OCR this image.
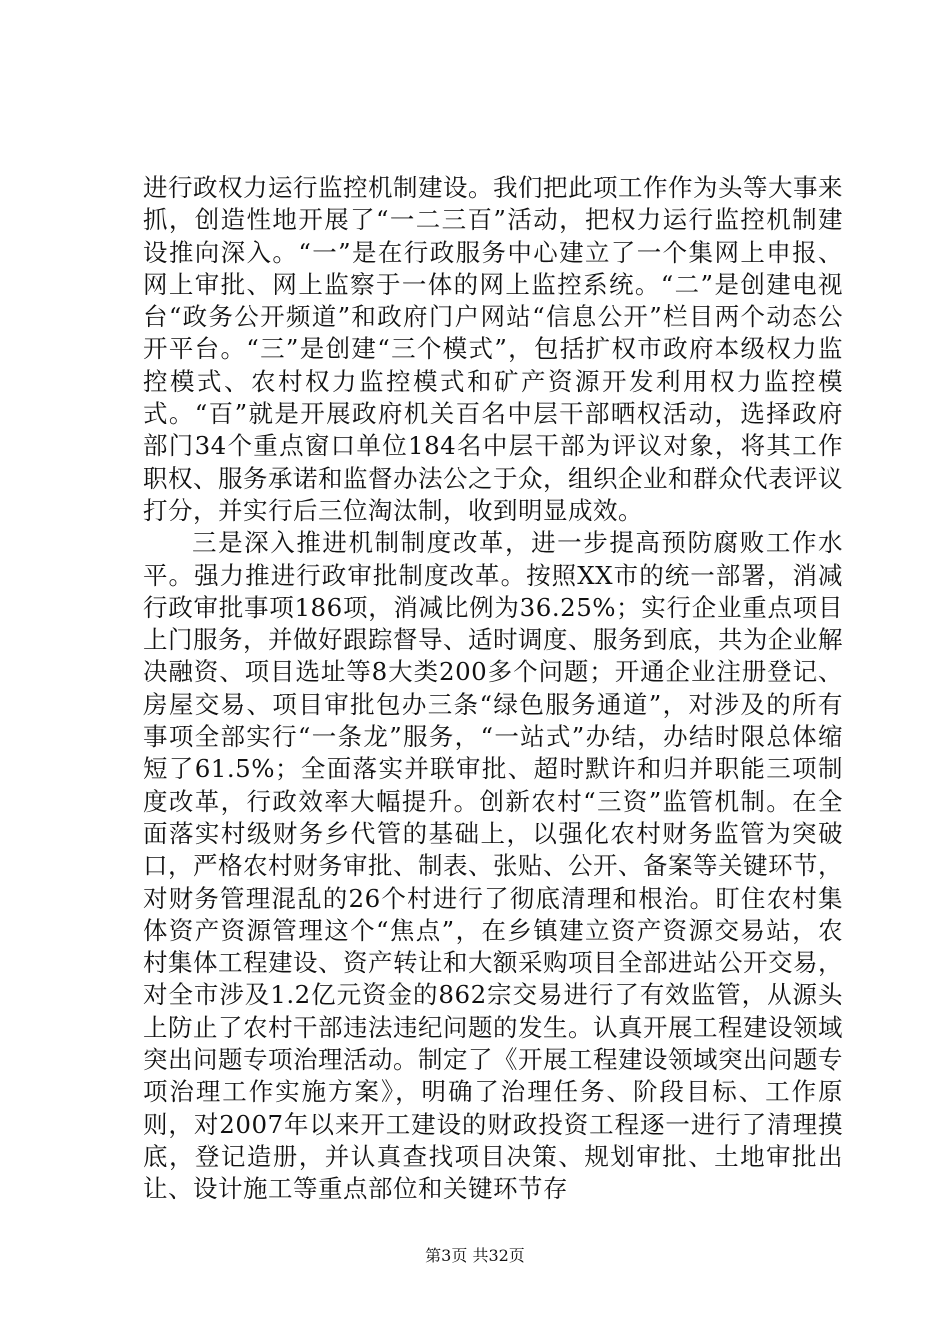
进行政权力运行监控机制建设。我们把此项工作作为头等大事来抓，创造性地开展了“一二三百”活动，把权力运行监控机制建设推向深入。“一”是在行政服务中心建立了一个集网上申报、网上审批、网上监察于一体的网上监控系统。“二”是创建电视台“政务公开频道”和政府门户网站“信息公开”栏目两个动态公开平台。“三”是创建“三个模式”，包括扩权市政府本级权力监控模式、农村权力监控模式和矿产资源开发利用权力监控模式。“百”就是开展政府机关百名中层干部晒权活动，选择政府部门34个重点窗口单位184名中层干部为评议对象，将其工作职权、服务承诺和监督办法公之于众，组织企业和群众代表评议打分，并实行后三位淘汰制，收到明显成效。

三是深入推进机制制度改革，进一步提高预防腐败工作水平。强力推进行政审批制度改革。按照XX市的统一部署，消减行政审批事项186项，消减比例为36.25%；实行企业重点项目上门服务，并做好跟踪督导、适时调度、服务到底，共为企业解决融资、项目选址等8大类200多个问题；开通企业注册登记、房屋交易、项目审批包办三条“绿色服务通道”，对涉及的所有事项全部实行“一条龙”服务，“一站式”办结，办结时限总体缩短了61.5%；全面落实并联审批、超时默许和归并职能三项制度改革，行政效率大幅提升。创新农村“三资”监管机制。在全面落实村级财务乡代管的基础上，以强化农村财务监管为突破口，严格农村财务审批、制表、张贴、公开、备案等关键环节，对财务管理混乱的26个村进行了彻底清理和根治。盯住农村集体资产资源管理这个“焦点”，在乡镇建立资产资源交易站，农村集体工程建设、资产转让和大额采购项目全部进站公开交易，对全市涉及1.2亿元资金的862宗交易进行了有效监管，从源头上防止了农村干部违法违纪问题的发生。认真开展工程建设领域突出问题专项治理活动。制定了《开展工程建设领域突出问题专项治理工作实施方案》，明确了治理任务、阶段目标、工作原则，对2007年以来开工建设的财政投资工程逐一进行了清理摸底，登记造册，并认真查找项目决策、规划审批、土地审批出让、设计施工等重点部位和关键环节存

第3页 共32页
